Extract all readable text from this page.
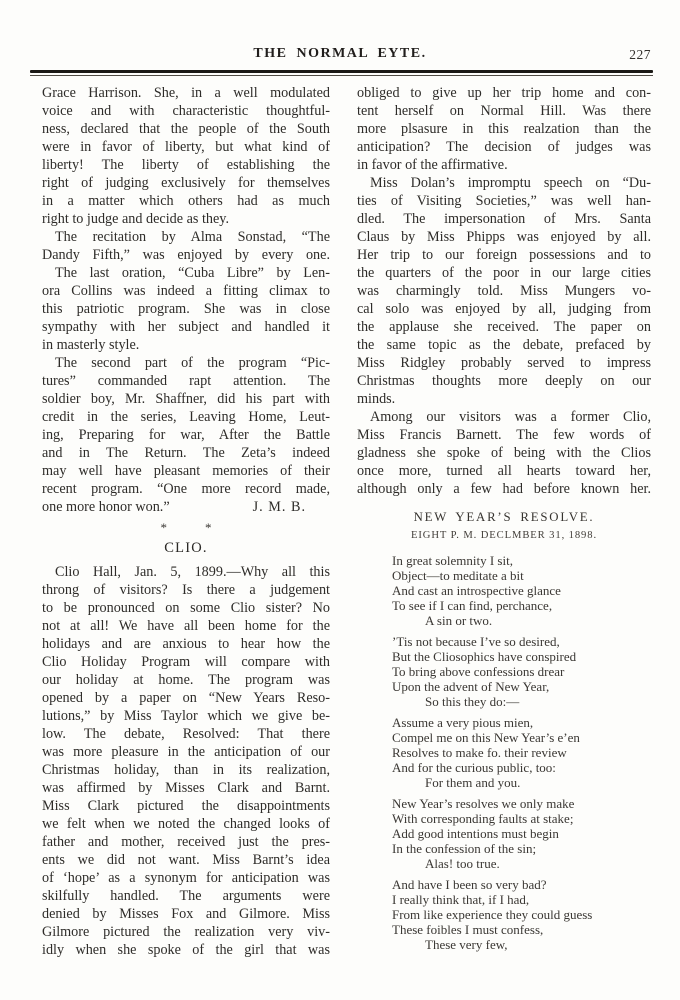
THE NORMAL EYTE.	227
Grace Harrison. She, in a well modulated
voice and with characteristic thoughtful-
ness, declared that the people of the South
were in favor of liberty, but what kind of
liberty! The liberty of establishing the
right of judging exclusively for themselves
in a matter which others had as much
right to judge and decide as they.
The recitation by Alma Sonstad, “The
Dandy Fifth,” was enjoyed by every one.
The last oration, “Cuba Libre” by Len-
ora Collins was indeed a fitting climax to
this patriotic program. She was in close
sympathy with her subject and handled it
in masterly style.
The second part of the program “Pic-
tures” commanded rapt attention. The
soldier boy, Mr. Shaffner, did his part with
credit in the series, Leaving Home, Leut-
ing, Preparing for war, After the Battle
and in The Return. The Zeta’s indeed
may well have pleasant memories of their
recent program. “One more record made,
one more honor won.”	J. M. B.
*	*
CLIO.
Clio Hall, Jan. 5, 1899.—Why all this
throng of visitors? Is there a judgement
to be pronounced on some Clio sister? No
not at all! We have all been home for the
holidays and are anxious to hear how the
Clio Holiday Program will compare with
our holiday at home. The program was
opened by a paper on “New Years Reso-
lutions,” by Miss Taylor which we give be-
low. The debate, Resolved: That there
was more pleasure in the anticipation of our
Christmas holiday, than in its realization,
was affirmed by Misses Clark and Barnt.
Miss Clark pictured the disappointments
we felt when we noted the changed looks of
father and mother, received just the pres-
ents we did not want. Miss Barnt’s idea
of ‘hope’ as a synonym for anticipation was
skilfully handled. The arguments were
denied by Misses Fox and Gilmore. Miss
Gilmore pictured the realization very viv-
idly when she spoke of the girl that was
obliged to give up her trip home and con-
tent herself on Normal Hill. Was there
more plsasure in this realzation than the
anticipation? The decision of judges was
in favor of the affirmative.
Miss Dolan’s impromptu speech on “Du-
ties of Visiting Societies,” was well han-
dled. The impersonation of Mrs. Santa
Claus by Miss Phipps was enjoyed by all.
Her trip to our foreign possessions and to
the quarters of the poor in our large cities
was charmingly told. Miss Mungers vo-
cal solo was enjoyed by all, judging from
the applause she received. The paper on
the same topic as the debate, prefaced by
Miss Ridgley probably served to impress
Christmas thoughts more deeply on our
minds.
Among our visitors was a former Clio,
Miss Francis Barnett. The few words of
gladness she spoke of being with the Clios
once more, turned all hearts toward her,
although only a few had before known her.
NEW YEAR’S RESOLVE.
EIGHT P. M. DECLMBER 31, 1898.
In great solemnity I sit,
Object—to meditate a bit
And cast an introspective glance
To see if I can find, perchance,
A sin or two.
’Tis not because I’ve so desired,
But the Cliosophics have conspired
To bring above confessions drear
Upon the advent of New Year,
So this they do:—
Assume a very pious mien,
Compel me on this New Year’s e’en
Resolves to make fo. their review
And for the curious public, too:
For them and you.
New Year’s resolves we only make
With corresponding faults at stake;
Add good intentions must begin
In the confession of the sin;
Alas! too true.
And have I been so very bad?
I really think that, if I had,
From like experience they could guess
These foibles I must confess,
These very few,
